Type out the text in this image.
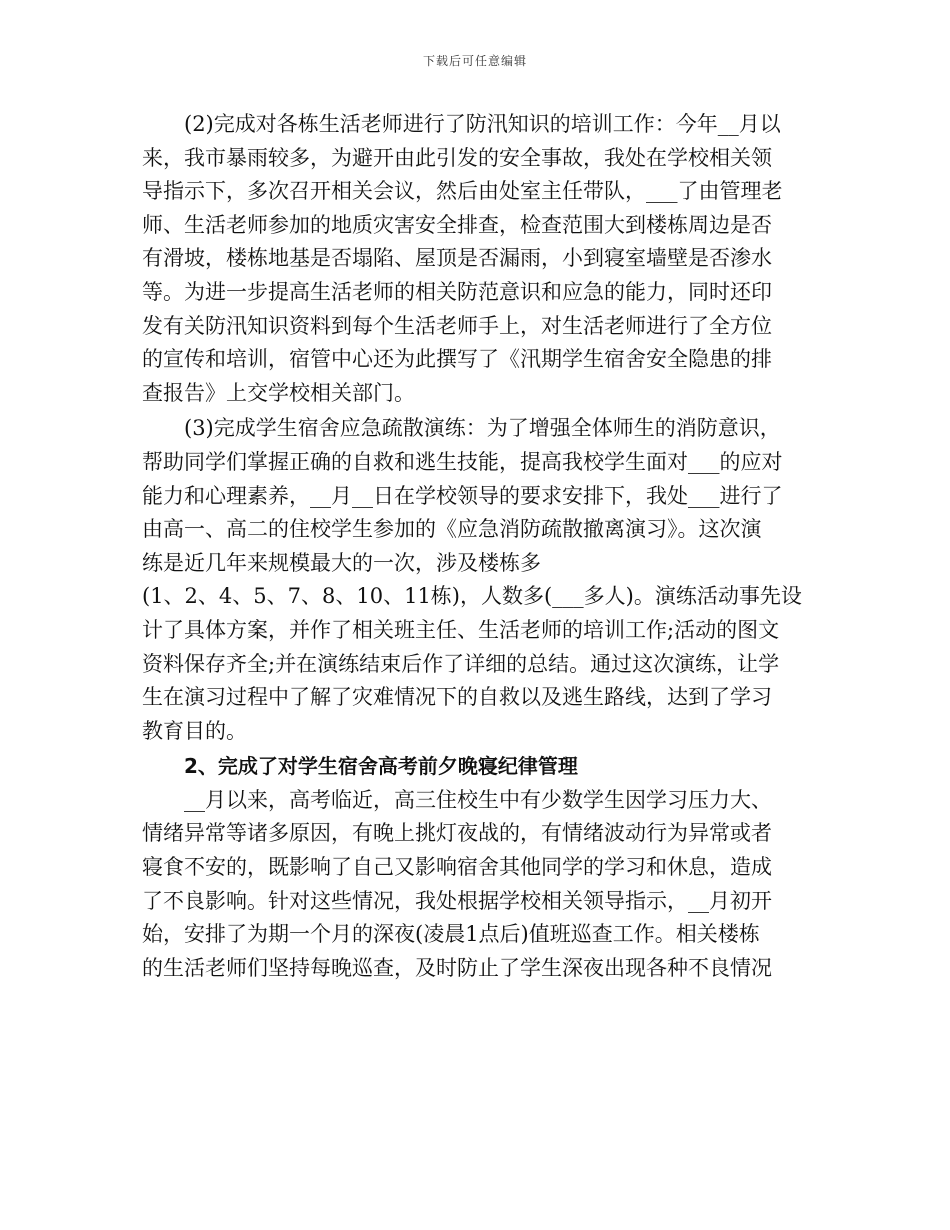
下载后可任意编辑
(2)完成对各栋生活老师进行了防汛知识的培训工作：今年__月以
来，我市暴雨较多，为避开由此引发的安全事故，我处在学校相关领
导指示下，多次召开相关会议，然后由处室主任带队，___了由管理老
师、生活老师参加的地质灾害安全排查，检查范围大到楼栋周边是否
有滑坡，楼栋地基是否塌陷、屋顶是否漏雨，小到寝室墙壁是否渗水
等。为进一步提高生活老师的相关防范意识和应急的能力，同时还印
发有关防汛知识资料到每个生活老师手上，对生活老师进行了全方位
的宣传和培训，宿管中心还为此撰写了《汛期学生宿舍安全隐患的排
查报告》上交学校相关部门。
(3)完成学生宿舍应急疏散演练：为了增强全体师生的消防意识，
帮助同学们掌握正确的自救和逃生技能，提高我校学生面对___的应对
能力和心理素养，__月__日在学校领导的要求安排下，我处___进行了
由高一、高二的住校学生参加的《应急消防疏散撤离演习》。这次演
练是近几年来规模最大的一次，涉及楼栋多
(1、2、4、5、7、8、10、11栋)，人数多(___多人)。演练活动事先设
计了具体方案，并作了相关班主任、生活老师的培训工作;活动的图文
资料保存齐全;并在演练结束后作了详细的总结。通过这次演练，让学
生在演习过程中了解了灾难情况下的自救以及逃生路线，达到了学习
教育目的。
2、完成了对学生宿舍高考前夕晚寝纪律管理
__月以来，高考临近，高三住校生中有少数学生因学习压力大、
情绪异常等诸多原因，有晚上挑灯夜战的，有情绪波动行为异常或者
寝食不安的，既影响了自己又影响宿舍其他同学的学习和休息，造成
了不良影响。针对这些情况，我处根据学校相关领导指示，__月初开
始，安排了为期一个月的深夜(凌晨1点后)值班巡查工作。相关楼栋
的生活老师们坚持每晚巡查，及时防止了学生深夜出现各种不良情况
